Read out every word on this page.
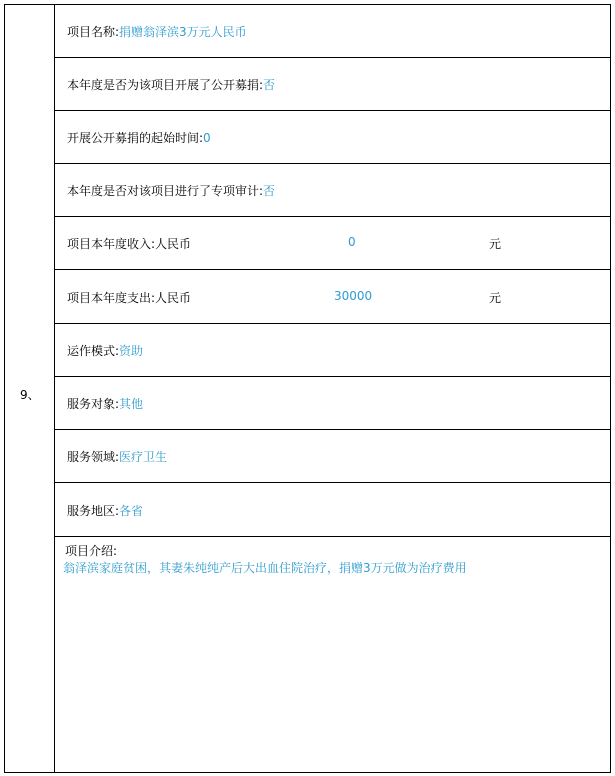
9、
项目名称:捐赠翁泽滨3万元人民币
本年度是否为该项目开展了公开募捐:否
开展公开募捐的起始时间:0
本年度是否对该项目进行了专项审计:否
项目本年度收入:人民币	0	元
项目本年度支出:人民币	30000	元
运作模式:资助
服务对象:其他
服务领域:医疗卫生
服务地区:各省
项目介绍:
翁泽滨家庭贫困，其妻朱纯纯产后大出血住院治疗，捐赠3万元做为治疗费用
